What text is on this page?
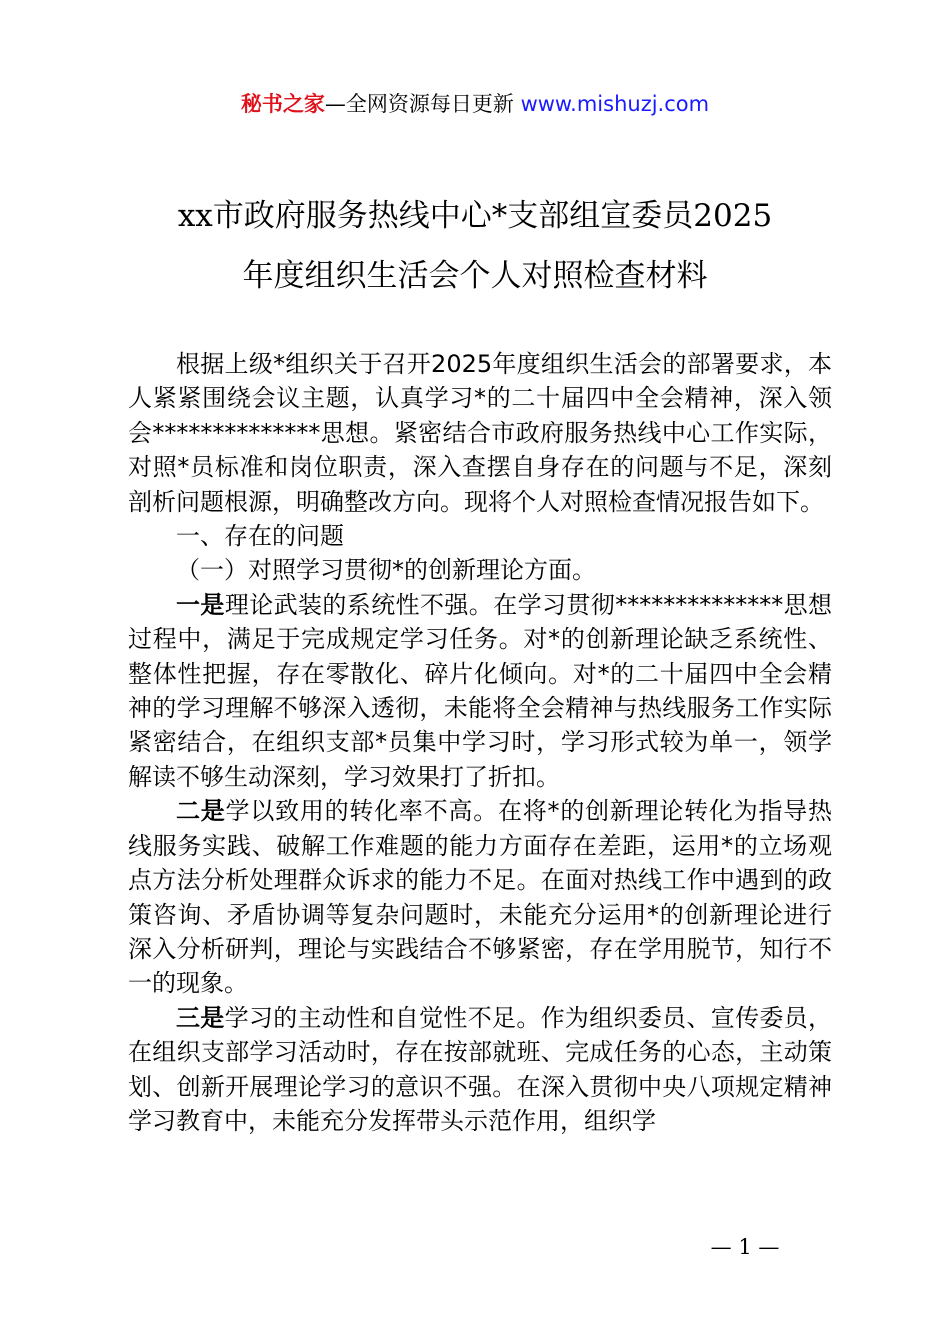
秘书之家—全网资源每日更新 www.mishuzj.com
xx市政府服务热线中心*支部组宣委员2025
年度组织生活会个人对照检查材料

根据上级*组织关于召开2025年度组织生活会的部署要求，本人紧紧围绕会议主题，认真学习*的二十届四中全会精神，深入领会**************思想。紧密结合市政府服务热线中心工作实际，对照*员标准和岗位职责，深入查摆自身存在的问题与不足，深刻剖析问题根源，明确整改方向。现将个人对照检查情况报告如下。

一、存在的问题

（一）对照学习贯彻*的创新理论方面。

一是理论武装的系统性不强。在学习贯彻**************思想过程中，满足于完成规定学习任务。对*的创新理论缺乏系统性、整体性把握，存在零散化、碎片化倾向。对*的二十届四中全会精神的学习理解不够深入透彻，未能将全会精神与热线服务工作实际紧密结合，在组织支部*员集中学习时，学习形式较为单一，领学解读不够生动深刻，学习效果打了折扣。

二是学以致用的转化率不高。在将*的创新理论转化为指导热线服务实践、破解工作难题的能力方面存在差距，运用*的立场观点方法分析处理群众诉求的能力不足。在面对热线工作中遇到的政策咨询、矛盾协调等复杂问题时，未能充分运用*的创新理论进行深入分析研判，理论与实践结合不够紧密，存在学用脱节，知行不一的现象。

三是学习的主动性和自觉性不足。作为组织委员、宣传委员，在组织支部学习活动时，存在按部就班、完成任务的心态，主动策划、创新开展理论学习的意识不强。在深入贯彻中央八项规定精神学习教育中，未能充分发挥带头示范作用，组织学

— 1 —
